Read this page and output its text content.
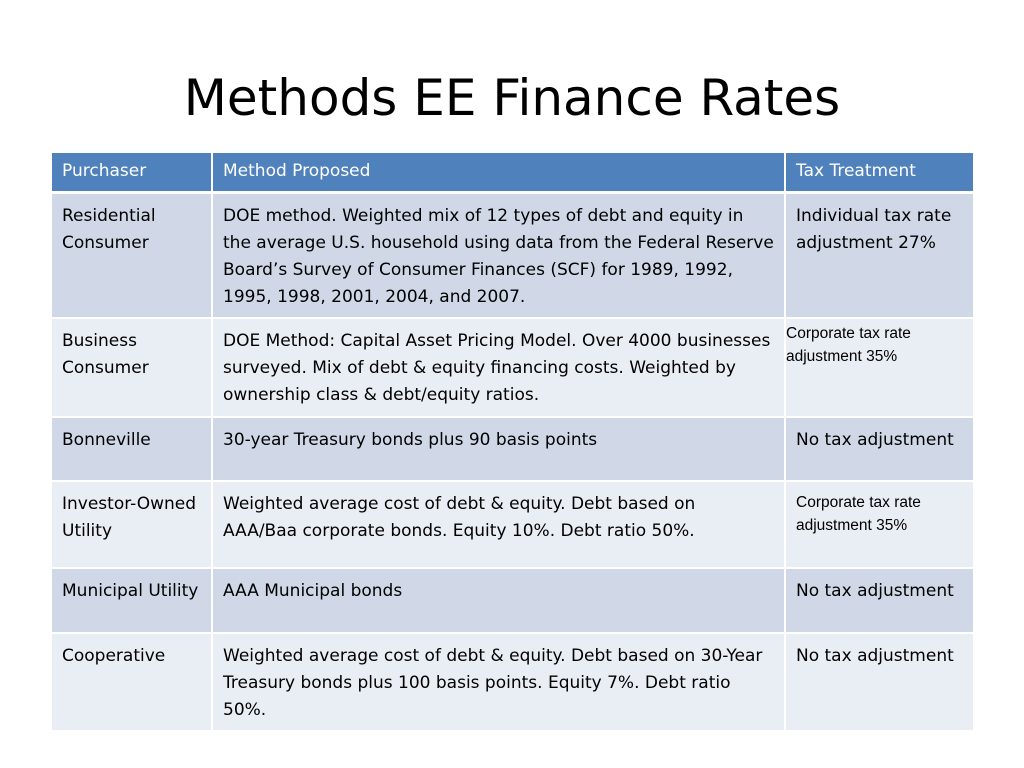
Methods EE Finance Rates
Purchaser	Method Proposed	Tax Treatment
Residential Consumer	DOE method. Weighted mix of 12 types of debt and equity in the average U.S. household using data from the Federal Reserve Board’s Survey of Consumer Finances (SCF) for 1989, 1992, 1995, 1998, 2001, 2004, and 2007.	Individual tax rate adjustment 27%
Business Consumer	DOE Method: Capital Asset Pricing Model. Over 4000 businesses surveyed. Mix of debt & equity financing costs. Weighted by ownership class & debt/equity ratios.	Corporate tax rate adjustment 35%
Bonneville	30-year Treasury bonds plus 90 basis points	No tax adjustment
Investor-Owned Utility	Weighted average cost of debt & equity. Debt based on AAA/Baa corporate bonds. Equity 10%. Debt ratio 50%.	Corporate tax rate adjustment 35%
Municipal Utility	AAA Municipal bonds	No tax adjustment
Cooperative	Weighted average cost of debt & equity. Debt based on 30-Year Treasury bonds plus 100 basis points. Equity 7%. Debt ratio 50%.	No tax adjustment
